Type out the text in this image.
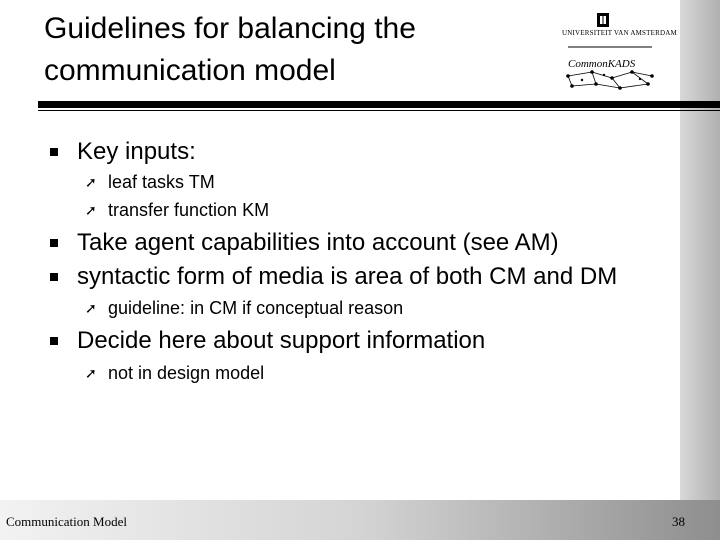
Guidelines for balancing the
communication model
UNIVERSITEIT VAN AMSTERDAM
CommonKADS
Key inputs:
➚ leaf tasks TM
➚ transfer function KM
Take agent capabilities into account (see AM)
syntactic form of media is area of both CM and DM
➚ guideline: in CM if conceptual reason
Decide here about support information
➚ not in design model
Communication Model	38
